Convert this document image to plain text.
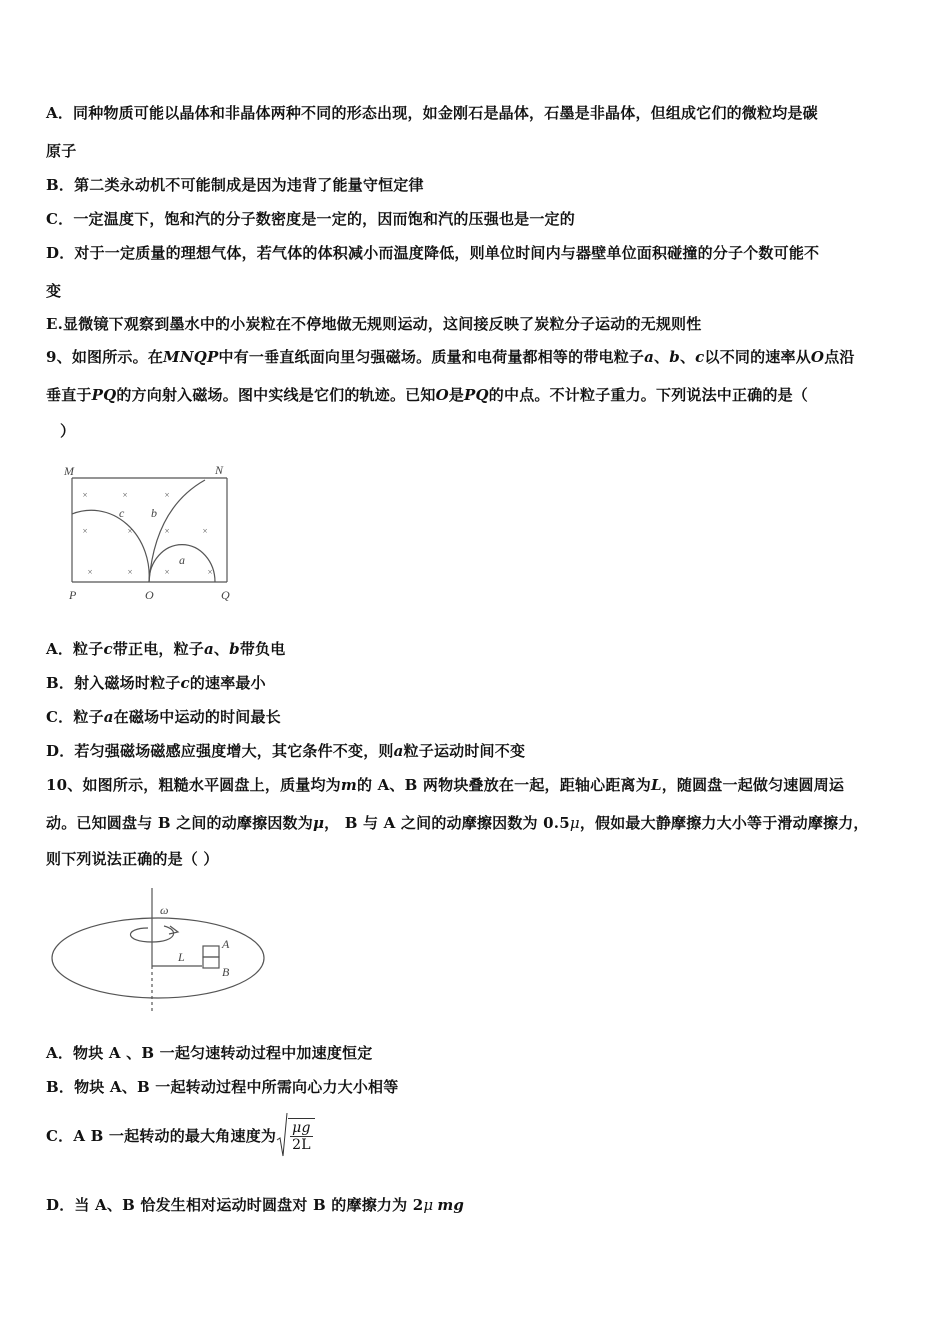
A．同种物质可能以晶体和非晶体两种不同的形态出现，如金刚石是晶体，石墨是非晶体，但组成它们的微粒均是碳
原子
B．第二类永动机不可能制成是因为违背了能量守恒定律
C．一定温度下，饱和汽的分子数密度是一定的，因而饱和汽的压强也是一定的
D．对于一定质量的理想气体，若气体的体积减小而温度降低，则单位时间内与器壁单位面积碰撞的分子个数可能不
变
E.显微镜下观察到墨水中的小炭粒在不停地做无规则运动，这间接反映了炭粒分子运动的无规则性
9、如图所示。在MNQP中有一垂直纸面向里匀强磁场。质量和电荷量都相等的带电粒子a、b、c以不同的速率从O点沿
垂直于PQ的方向射入磁场。图中实线是它们的轨迹。已知O是PQ的中点。不计粒子重力。下列说法中正确的是（
）
×	×	×
×	×	×	×
×	×	×	×
M	N
P	O	Q
c b
a
A．粒子c带正电，粒子a、b带负电
B．射入磁场时粒子c的速率最小
C．粒子a在磁场中运动的时间最长
D．若匀强磁场磁感应强度增大，其它条件不变，则a粒子运动时间不变
10、如图所示，粗糙水平圆盘上，质量均为m的 A、B 两物块叠放在一起，距轴心距离为L，随圆盘一起做匀速圆周运
动。已知圆盘与 B 之间的动摩擦因数为μ， B 与 A 之间的动摩擦因数为 0.5μ，假如最大静摩擦力大小等于滑动摩擦力，
则下列说法正确的是（ ）
ω
L
A
B
A．物块 A 、B 一起匀速转动过程中加速度恒定
B．物块 A、B 一起转动过程中所需向心力大小相等
C．A B 一起转动的最大角速度为 $\frac{\mu g}{2L}$
D．当 A、B 恰发生相对运动时圆盘对 B 的摩擦力为 2μ mg
